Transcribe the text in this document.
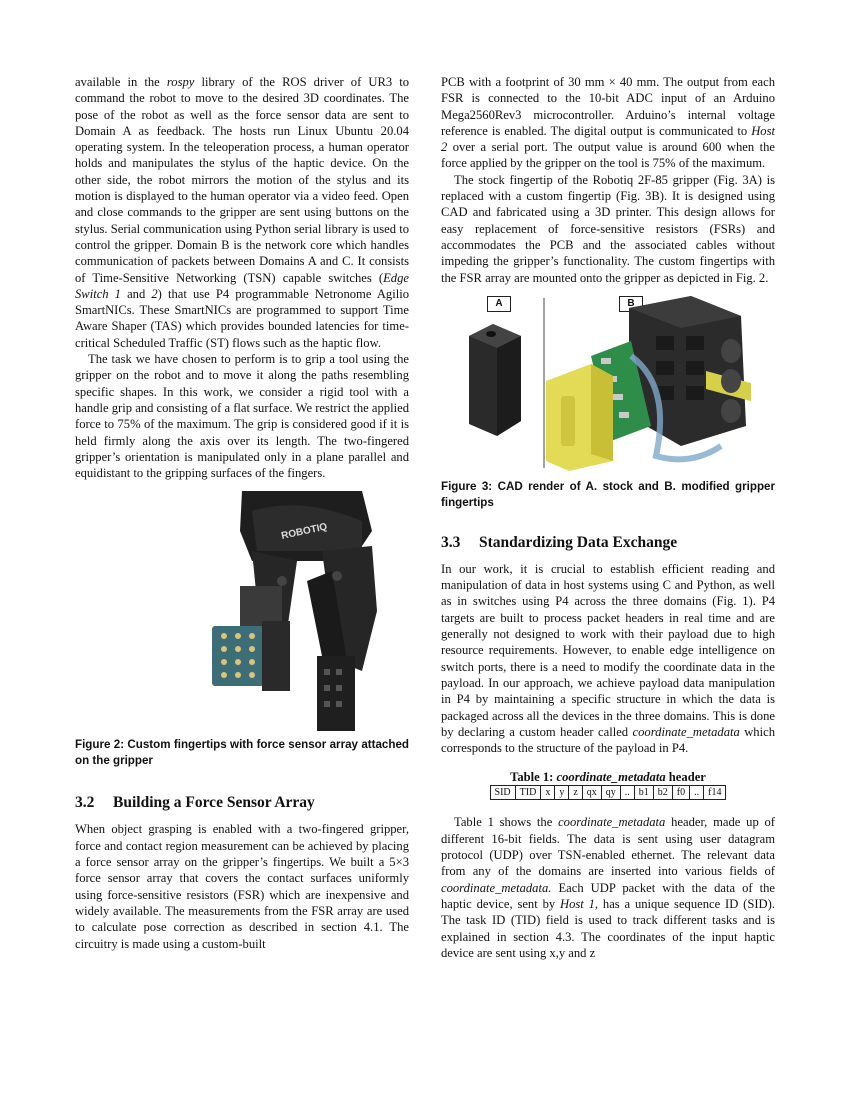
available in the rospy library of the ROS driver of UR3 to command the robot to move to the desired 3D coordinates. The pose of the robot as well as the force sensor data are sent to Domain A as feedback. The hosts run Linux Ubuntu 20.04 operating system. In the teleoperation process, a human operator holds and manipulates the stylus of the haptic device. On the other side, the robot mirrors the motion of the stylus and its motion is displayed to the human operator via a video feed. Open and close commands to the gripper are sent using buttons on the stylus. Serial communication using Python serial library is used to control the gripper. Domain B is the network core which handles communication of packets between Domains A and C. It consists of Time-Sensitive Networking (TSN) capable switches (Edge Switch 1 and 2) that use P4 programmable Netronome Agilio SmartNICs. These SmartNICs are programmed to support Time Aware Shaper (TAS) which provides bounded latencies for time-critical Scheduled Traffic (ST) flows such as the haptic flow.

The task we have chosen to perform is to grip a tool using the gripper on the robot and to move it along the paths resembling specific shapes. In this work, we consider a rigid tool with a handle grip and consisting of a flat surface. We restrict the applied force to 75% of the maximum. The grip is considered good if it is held firmly along the axis over its length. The two-fingered gripper’s orientation is manipulated only in a plane parallel and equidistant to the gripping surfaces of the fingers.

ROBOTIQ

Figure 2: Custom fingertips with force sensor array attached on the gripper

3.2 Building a Force Sensor Array

When object grasping is enabled with a two-fingered gripper, force and contact region measurement can be achieved by placing a force sensor array on the gripper’s fingertips. We built a 5×3 force sensor array that covers the contact surfaces uniformly using force-sensitive resistors (FSR) which are inexpensive and widely available. The measurements from the FSR array are used to calculate pose correction as described in section 4.1. The circuitry is made using a custom-built

PCB with a footprint of 30 mm × 40 mm. The output from each FSR is connected to the 10-bit ADC input of an Arduino Mega2560Rev3 microcontroller. Arduino’s internal voltage reference is enabled. The digital output is communicated to Host 2 over a serial port. The output value is around 600 when the force applied by the gripper on the tool is 75% of the maximum.

The stock fingertip of the Robotiq 2F-85 gripper (Fig. 3A) is replaced with a custom fingertip (Fig. 3B). It is designed using CAD and fabricated using a 3D printer. This design allows for easy replacement of force-sensitive resistors (FSRs) and accommodates the PCB and the associated cables without impeding the gripper’s functionality. The custom fingertips with the FSR array are mounted onto the gripper as depicted in Fig. 2.

A	B

Figure 3: CAD render of A. stock and B. modified gripper fingertips

3.3 Standardizing Data Exchange

In our work, it is crucial to establish efficient reading and manipulation of data in host systems using C and Python, as well as in switches using P4 across the three domains (Fig. 1). P4 targets are built to process packet headers in real time and are generally not designed to work with their payload due to high resource requirements. However, to enable edge intelligence on switch ports, there is a need to modify the coordinate data in the payload. In our approach, we achieve payload data manipulation in P4 by maintaining a specific structure in which the data is packaged across all the devices in the three domains. This is done by declaring a custom header called coordinate_metadata which corresponds to the structure of the payload in P4.

Table 1: coordinate_metadata header
SID	TID	x	y	z	qx	qy	..	b1	b2	f0	..	f14

Table 1 shows the coordinate_metadata header, made up of different 16-bit fields. The data is sent using user datagram protocol (UDP) over TSN-enabled ethernet. The relevant data from any of the domains are inserted into various fields of coordinate_metadata. Each UDP packet with the data of the haptic device, sent by Host 1, has a unique sequence ID (SID). The task ID (TID) field is used to track different tasks and is explained in section 4.3. The coordinates of the input haptic device are sent using x,y and z
